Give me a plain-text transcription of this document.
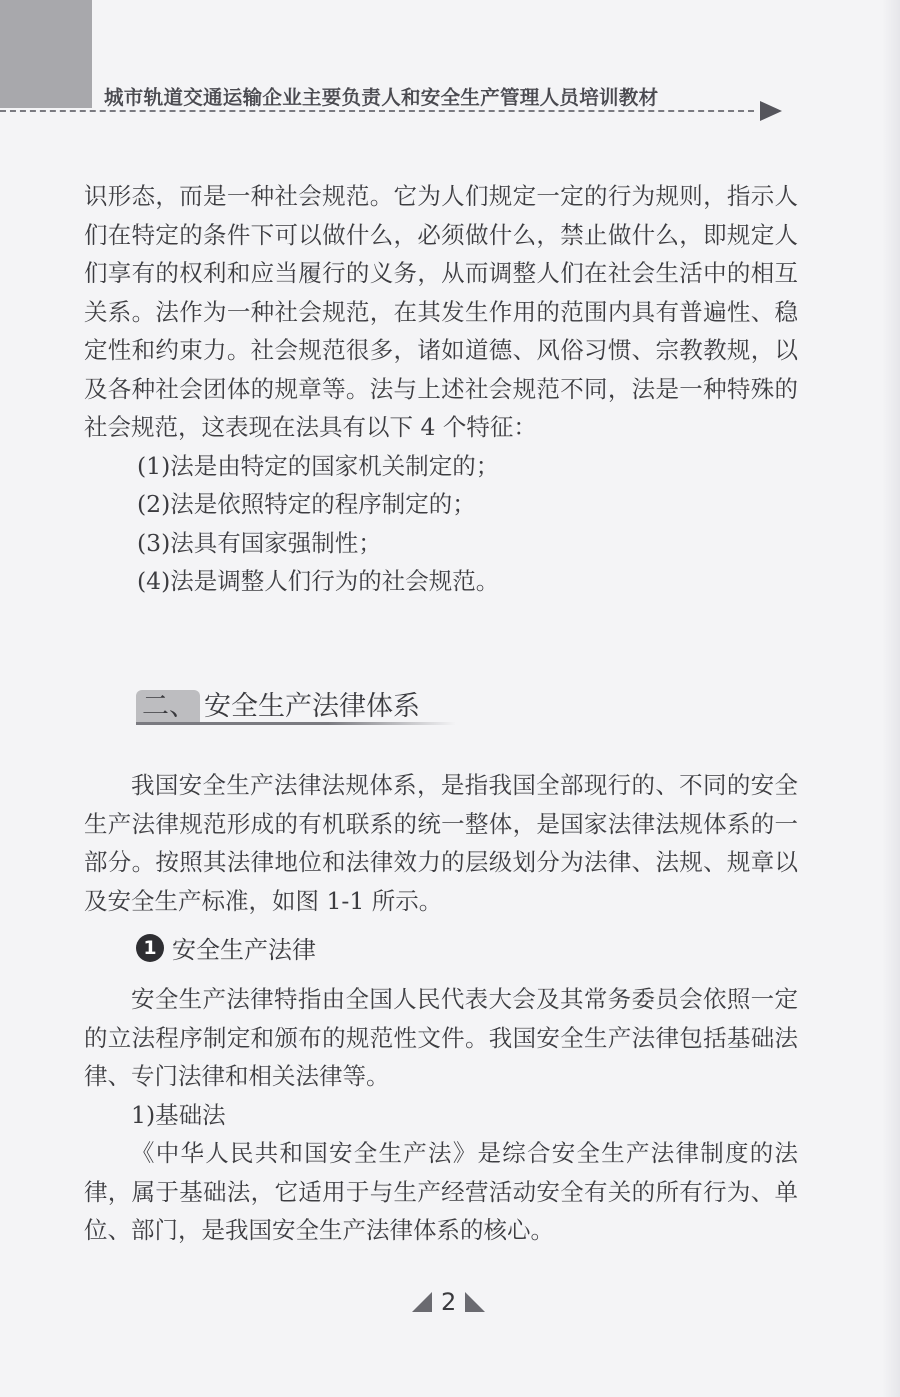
城市轨道交通运输企业主要负责人和安全生产管理人员培训教材

识形态，而是一种社会规范。它为人们规定一定的行为规则，指示人们在特定的条件下可以做什么，必须做什么，禁止做什么，即规定人们享有的权利和应当履行的义务，从而调整人们在社会生活中的相互关系。法作为一种社会规范，在其发生作用的范围内具有普遍性、稳定性和约束力。社会规范很多，诸如道德、风俗习惯、宗教教规，以及各种社会团体的规章等。法与上述社会规范不同，法是一种特殊的社会规范，这表现在法具有以下 4 个特征：

(1)法是由特定的国家机关制定的；

(2)法是依照特定的程序制定的；

(3)法具有国家强制性；

(4)法是调整人们行为的社会规范。

二、 安全生产法律体系

我国安全生产法律法规体系，是指我国全部现行的、不同的安全生产法律规范形成的有机联系的统一整体，是国家法律法规体系的一部分。按照其法律地位和法律效力的层级划分为法律、法规、规章以及安全生产标准，如图 1-1 所示。

1 安全生产法律

安全生产法律特指由全国人民代表大会及其常务委员会依照一定的立法程序制定和颁布的规范性文件。我国安全生产法律包括基础法律、专门法律和相关法律等。

1)基础法

《中华人民共和国安全生产法》是综合安全生产法律制度的法律，属于基础法，它适用于与生产经营活动安全有关的所有行为、单位、部门，是我国安全生产法律体系的核心。

2
